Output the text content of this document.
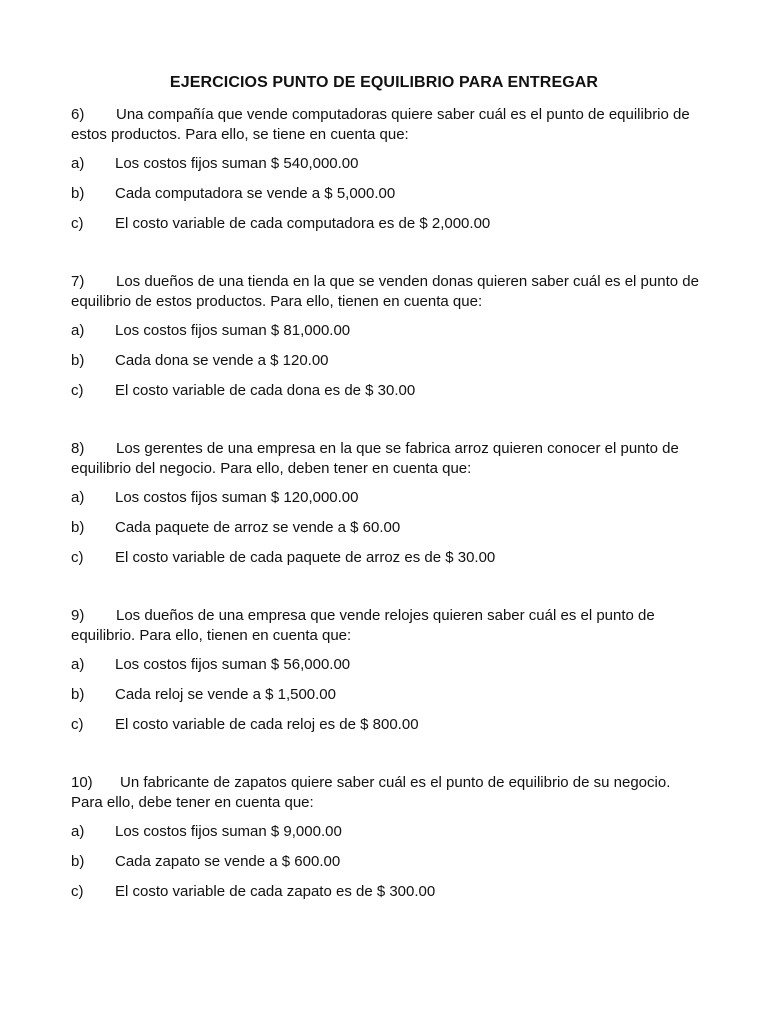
EJERCICIOS PUNTO DE EQUILIBRIO PARA ENTREGAR

6) Una compañía que vende computadoras quiere saber cuál es el punto de equilibrio de estos productos. Para ello, se tiene en cuenta que:

a) Los costos fijos suman $ 540,000.00
b) Cada computadora se vende a $ 5,000.00
c) El costo variable de cada computadora es de $ 2,000.00

7) Los dueños de una tienda en la que se venden donas quieren saber cuál es el punto de equilibrio de estos productos. Para ello, tienen en cuenta que:

a) Los costos fijos suman $ 81,000.00
b) Cada dona se vende a $ 120.00
c) El costo variable de cada dona es de $ 30.00

8) Los gerentes de una empresa en la que se fabrica arroz quieren conocer el punto de equilibrio del negocio. Para ello, deben tener en cuenta que:

a) Los costos fijos suman $ 120,000.00
b) Cada paquete de arroz se vende a $ 60.00
c) El costo variable de cada paquete de arroz es de $ 30.00

9) Los dueños de una empresa que vende relojes quieren saber cuál es el punto de equilibrio. Para ello, tienen en cuenta que:

a) Los costos fijos suman $ 56,000.00
b) Cada reloj se vende a $ 1,500.00
c) El costo variable de cada reloj es de $ 800.00

10) Un fabricante de zapatos quiere saber cuál es el punto de equilibrio de su negocio. Para ello, debe tener en cuenta que:

a) Los costos fijos suman $ 9,000.00
b) Cada zapato se vende a $ 600.00
c) El costo variable de cada zapato es de $ 300.00
